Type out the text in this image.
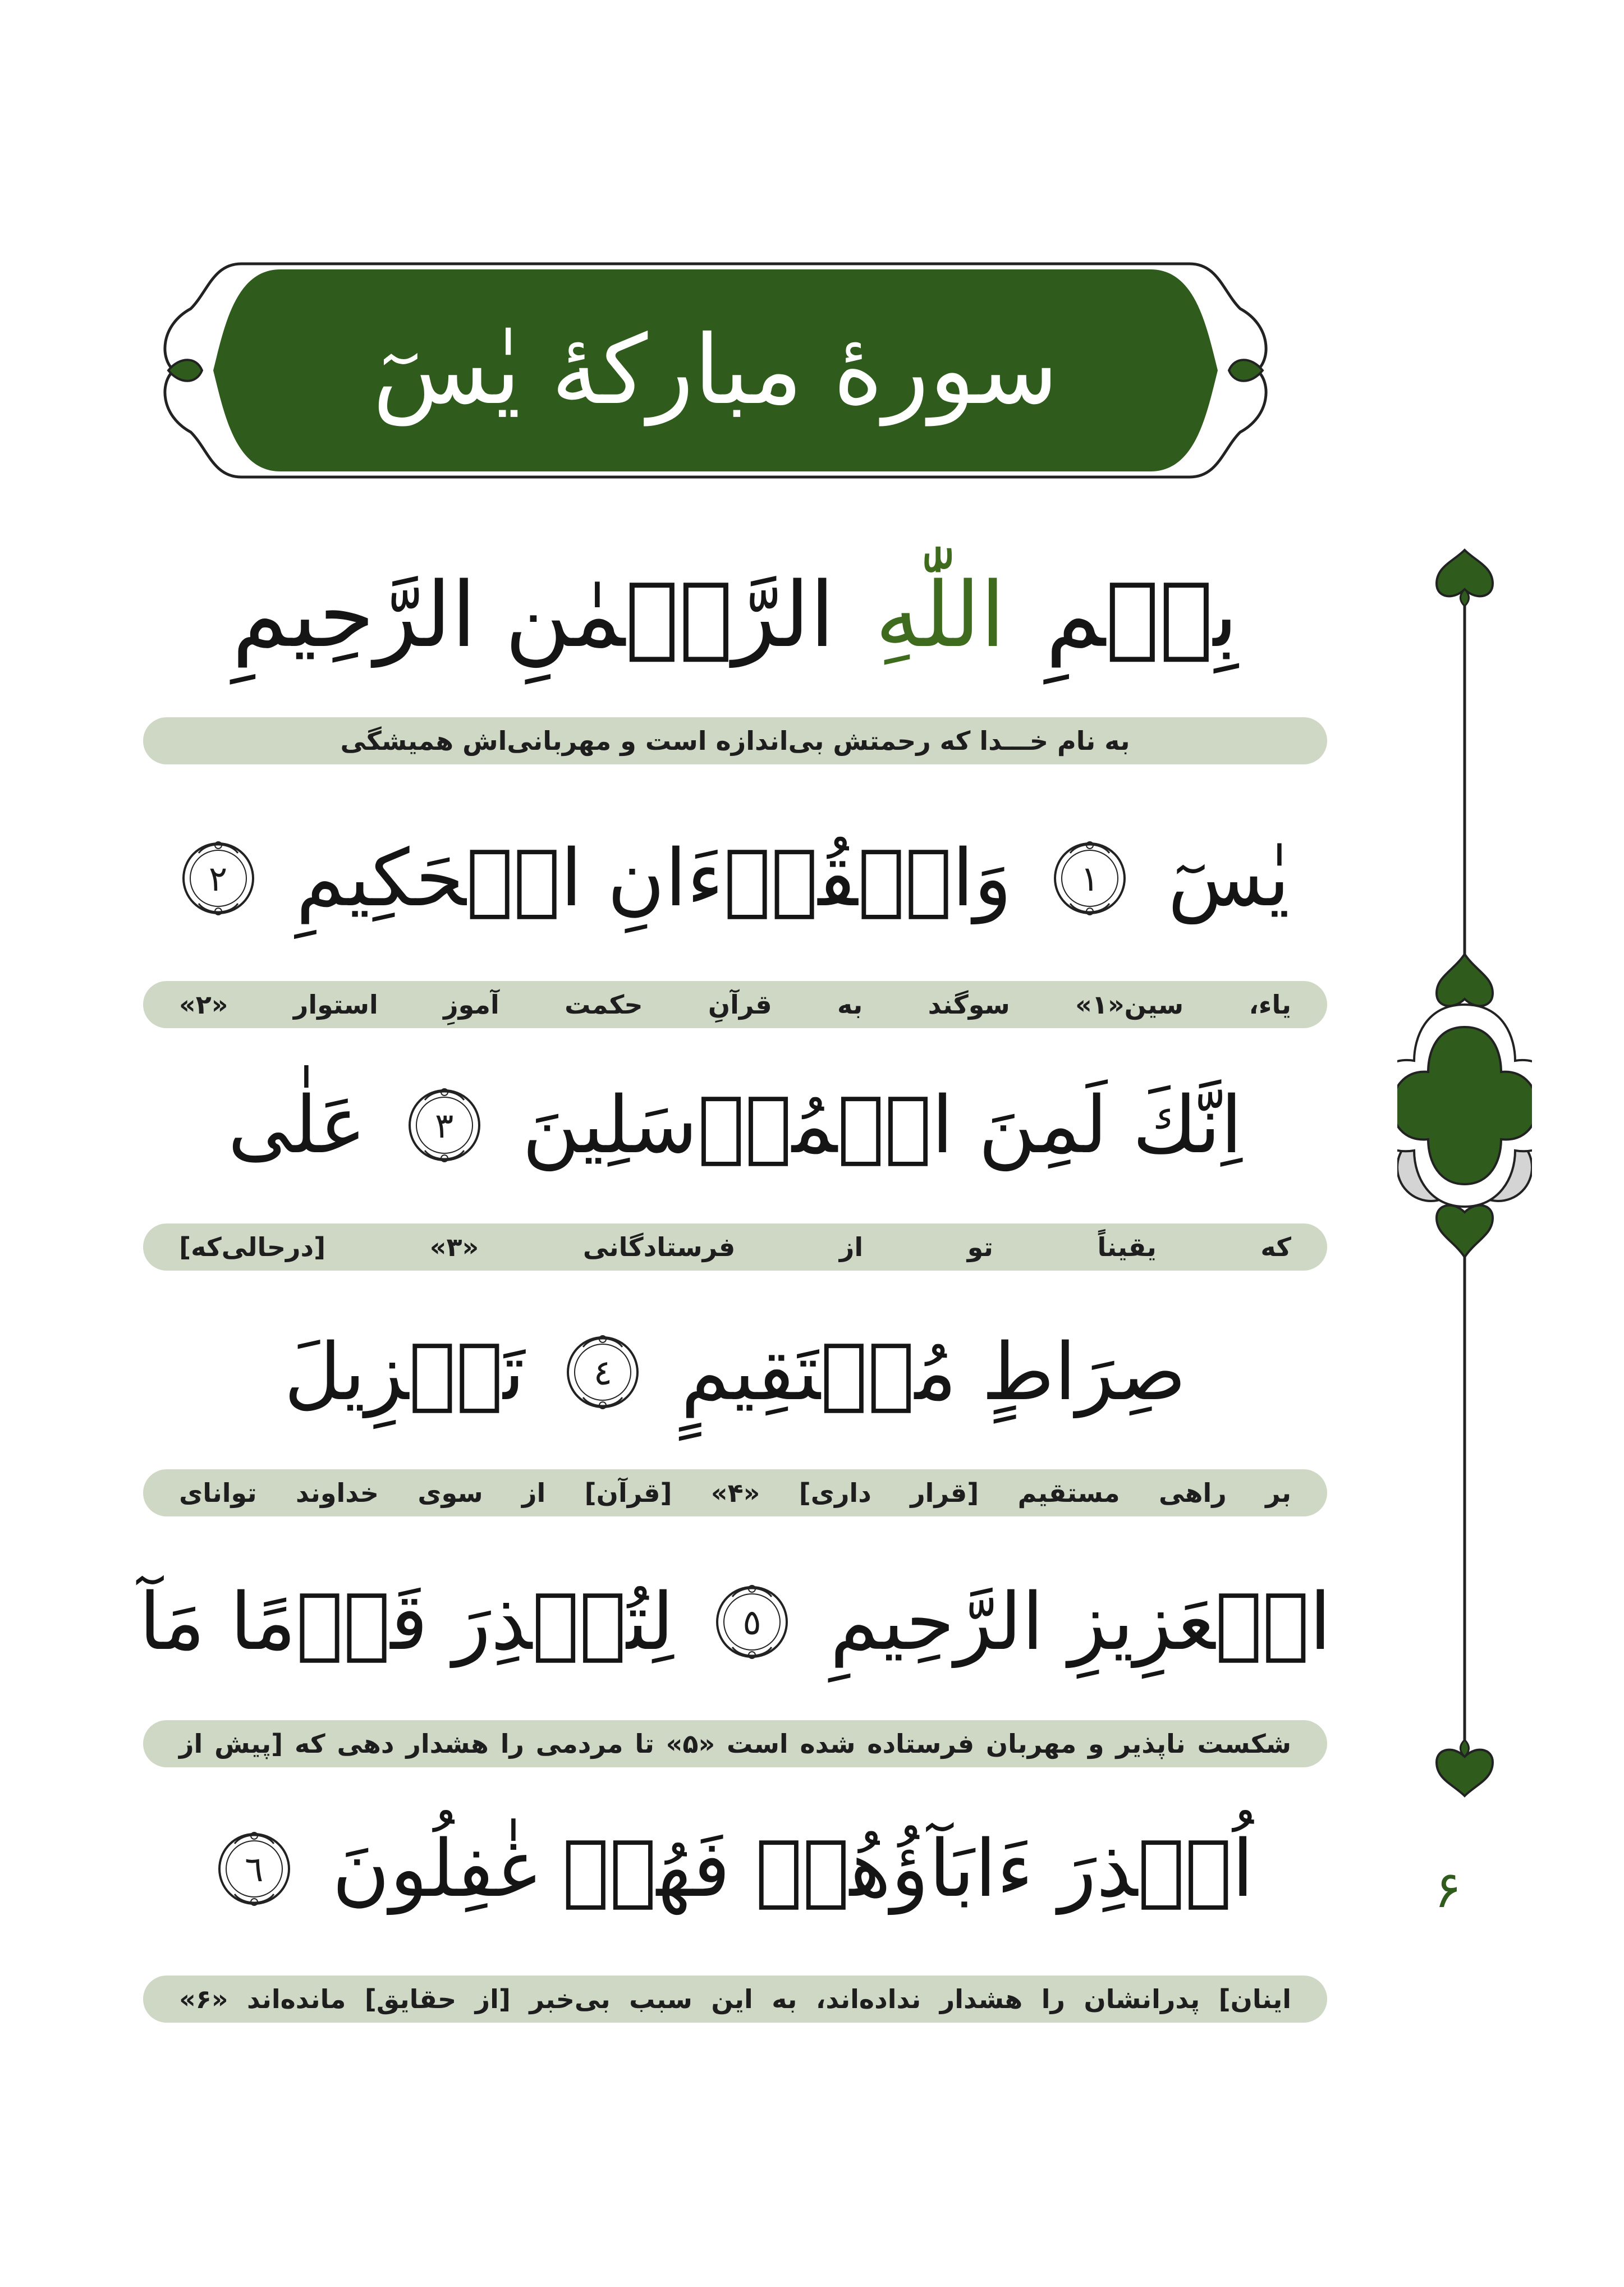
سورهٔ مبارکهٔ یٰسٓ
بِسۡمِ
اللّٰهِ
الرَّحۡمٰنِ الرَّحِيمِ
به نام خـــدا که رحمتش بی‌اندازه است و مهربانی‌اش همیشگی
يٰسٓ
١
وَالۡقُرۡءَانِ الۡحَكِيمِ
٢
یاء،
سین«۱»
سوگند
به
قرآنِ
حکمت
آموزِ
استوار
«۲»
اِنَّكَ لَمِنَ الۡمُرۡسَلِينَ
٣
عَلٰى
که
یقیناً
تو
از
فرستادگانی
«۳»
[درحالی‌که]
صِرَاطٍ مُسۡتَقِيمٍ
٤
تَنۡزِيلَ
بر
راهی
مستقیم
[قرار
داری]
«۴»
[قرآن]
از
سوی
خداوند
توانای
الۡعَزِيزِ الرَّحِيمِ
٥
لِتُنۡذِرَ قَوۡمًا مَآ
شکست
ناپذیر
و
مهربان
فرستاده
شده
است
«۵»
تا
مردمی
را
هشدار
دهی
که
[پیش
از
اُنۡذِرَ ءَابَآؤُهُمۡ فَهُمۡ غٰفِلُونَ
٦
اینان]
پدرانشان
را
هشدار
نداده‌اند،
به
این
سبب
بی‌خبر
[از
حقایق]
مانده‌اند
«۶»
۶
